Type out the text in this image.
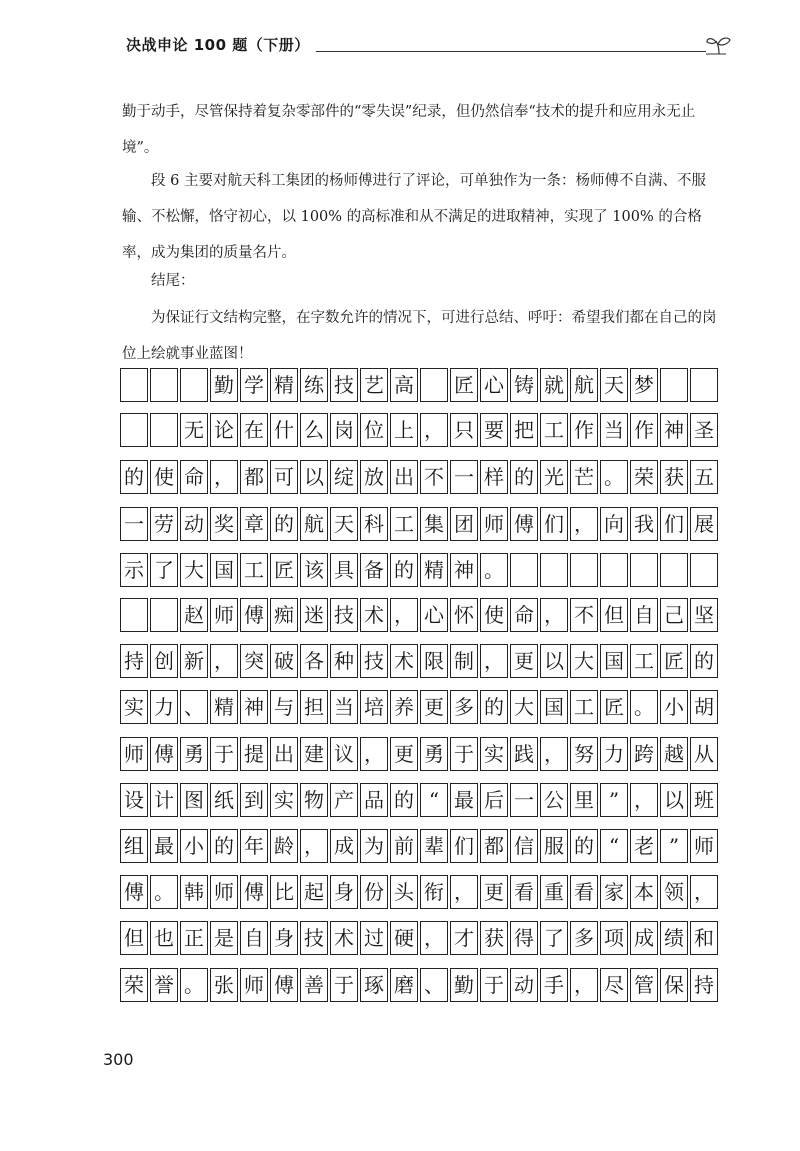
决战申论 100 题（下册）

勤于动手，尽管保持着复杂零部件的“零失误”纪录，但仍然信奉“技术的提升和应用永无止境”。

段 6 主要对航天科工集团的杨师傅进行了评论，可单独作为一条：杨师傅不自满、不服输、不松懈，恪守初心，以 100% 的高标准和从不满足的进取精神，实现了 100% 的合格率，成为集团的质量名片。

结尾：

为保证行文结构完整，在字数允许的情况下，可进行总结、呼吁：希望我们都在自己的岗位上绘就事业蓝图！

勤 学 精 练 技 艺 高 匠 心 铸 就 航 天 梦
无 论 在 什 么 岗 位 上 ， 只 要 把 工 作 当 作 神 圣
的 使 命 ， 都 可 以 绽 放 出 不 一 样 的 光 芒 。 荣 获 五
一 劳 动 奖 章 的 航 天 科 工 集 团 师 傅 们 ， 向 我 们 展
示 了 大 国 工 匠 该 具 备 的 精 神 。
赵 师 傅 痴 迷 技 术 ， 心 怀 使 命 ， 不 但 自 己 坚
持 创 新 ， 突 破 各 种 技 术 限 制 ， 更 以 大 国 工 匠 的
实 力 、 精 神 与 担 当 培 养 更 多 的 大 国 工 匠 。 小 胡
师 傅 勇 于 提 出 建 议 ， 更 勇 于 实 践 ， 努 力 跨 越 从
设 计 图 纸 到 实 物 产 品 的 “ 最 后 一 公 里 ” ， 以 班
组 最 小 的 年 龄 ， 成 为 前 辈 们 都 信 服 的 “ 老 ” 师
傅 。 韩 师 傅 比 起 身 份 头 衔 ， 更 看 重 看 家 本 领 ，
但 也 正 是 自 身 技 术 过 硬 ， 才 获 得 了 多 项 成 绩 和
荣 誉 。 张 师 傅 善 于 琢 磨 、 勤 于 动 手 ， 尽 管 保 持
300
